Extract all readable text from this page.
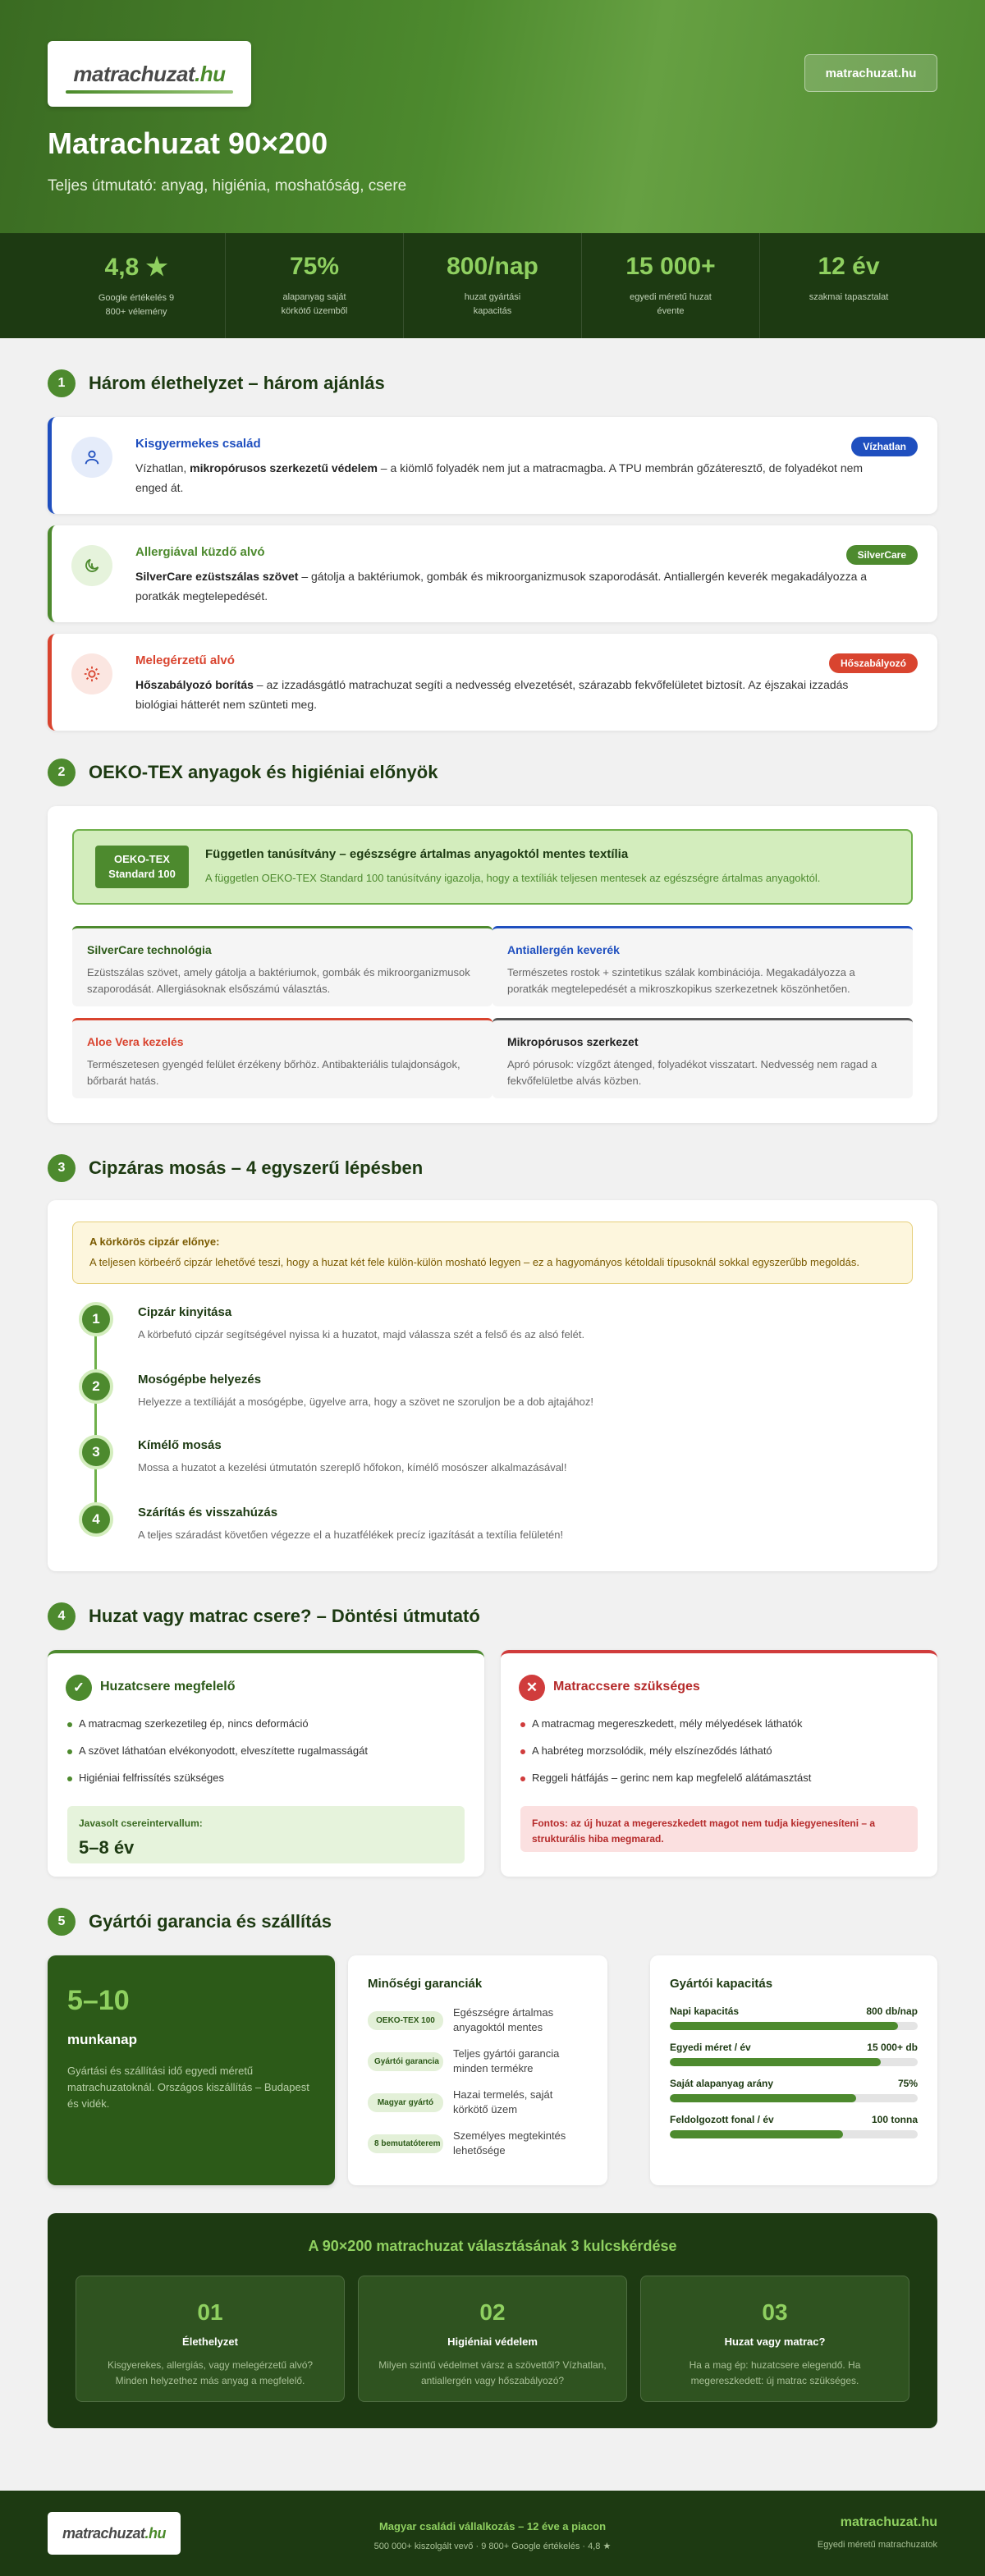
matrachuzat.hu	matrachuzat.hu
Matrachuzat 90×200
Teljes útmutató: anyag, higiénia, moshatóság, csere
4,8 ★
Google értékelés 9 800+ vélemény
75%
alapanyag saját körkötő üzemből
800/nap
huzat gyártási kapacitás
15 000+
egyedi méretű huzat évente
12 év
szakmai tapasztalat
1	Három élethelyzet – három ajánlás
Kisgyermekes család
Vízhatlan, mikropórusos szerkezetű védelem – a kiömlő folyadék nem jut a matracmagba. A TPU membrán gőzáteresztő, de folyadékot nem enged át.
Vízhatlan
Allergiával küzdő alvó
SilverCare ezüstszálas szövet – gátolja a baktériumok, gombák és mikroorganizmusok szaporodását. Antiallergén keverék megakadályozza a poratkák megtelepedését.
SilverCare
Melegérzetű alvó
Hőszabályozó borítás – az izzadásgátló matrachuzat segíti a nedvesség elvezetését, szárazabb fekvőfelületet biztosít. Az éjszakai izzadás biológiai hátterét nem szünteti meg.
Hőszabályozó
2	OEKO-TEX anyagok és higiéniai előnyök
OEKO-TEX Standard 100
Független tanúsítvány – egészségre ártalmas anyagoktól mentes textília
A független OEKO-TEX Standard 100 tanúsítvány igazolja, hogy a textíliák teljesen mentesek az egészségre ártalmas anyagoktól.
SilverCare technológia
Ezüstszálas szövet, amely gátolja a baktériumok, gombák és mikroorganizmusok szaporodását. Allergiásoknak elsőszámú választás.
Antiallergén keverék
Természetes rostok + szintetikus szálak kombinációja. Megakadályozza a poratkák megtelepedését a mikroszkopikus szerkezetnek köszönhetően.
Aloe Vera kezelés
Természetesen gyengéd felület érzékeny bőrhöz. Antibakteriális tulajdonságok, bőrbarát hatás.
Mikropórusos szerkezet
Apró pórusok: vízgőzt átenged, folyadékot visszatart. Nedvesség nem ragad a fekvőfelületbe alvás közben.
3	Cipzáras mosás – 4 egyszerű lépésben
A körkörös cipzár előnye:
A teljesen körbeérő cipzár lehetővé teszi, hogy a huzat két fele külön-külön mosható legyen – ez a hagyományos kétoldali típusoknál sokkal egyszerűbb megoldás.
1	Cipzár kinyitása
A körbefutó cipzár segítségével nyissa ki a huzatot, majd válassza szét a felső és az alsó felét.
2	Mosógépbe helyezés
Helyezze a textíliáját a mosógépbe, ügyelve arra, hogy a szövet ne szoruljon be a dob ajtajához!
3	Kímélő mosás
Mossa a huzatot a kezelési útmutatón szereplő hőfokon, kímélő mosószer alkalmazásával!
4	Szárítás és visszahúzás
A teljes száradást követően végezze el a huzatfélékek precíz igazítását a textília felületén!
4	Huzat vagy matrac csere? – Döntési útmutató
✓	Huzatcsere megfelelő
A matracmag szerkezetileg ép, nincs deformáció
A szövet láthatóan elvékonyodott, elveszítette rugalmasságát
Higiéniai felfrissítés szükséges
Javasolt csereintervallum:
5–8 év
✕	Matraccsere szükséges
A matracmag megereszkedett, mély mélyedések láthatók
A habréteg morzsolódik, mély elszíneződés látható
Reggeli hátfájás – gerinc nem kap megfelelő alátámasztást
Fontos: az új huzat a megereszkedett magot nem tudja kiegyenesíteni – a strukturális hiba megmarad.
5	Gyártói garancia és szállítás
5–10
munkanap
Gyártási és szállítási idő egyedi méretű matrachuzatoknál. Országos kiszállítás – Budapest és vidék.
Minőségi garanciák
OEKO-TEX 100
Egészségre ártalmas anyagoktól mentes
Gyártói garancia
Teljes gyártói garancia minden termékre
Magyar gyártó
Hazai termelés, saját körkötő üzem
8 bemutatóterem
Személyes megtekintés lehetősége
Gyártói kapacitás
Napi kapacitás	800 db/nap
Egyedi méret / év	15 000+ db
Saját alapanyag arány	75%
Feldolgozott fonal / év	100 tonna
A 90×200 matrachuzat választásának 3 kulcskérdése
01
Élethelyzet
Kisgyerekes, allergiás, vagy melegérzetű alvó? Minden helyzethez más anyag a megfelelő.
02
Higiéniai védelem
Milyen szintű védelmet vársz a szövettől? Vízhatlan, antiallergén vagy hőszabályozó?
03
Huzat vagy matrac?
Ha a mag ép: huzatcsere elegendő. Ha megereszkedett: új matrac szükséges.
matrachuzat.hu	Magyar családi vállalkozás – 12 éve a piacon
500 000+ kiszolgált vevő · 9 800+ Google értékelés · 4,8 ★
matrachuzat.hu
Egyedi méretű matrachuzatok
